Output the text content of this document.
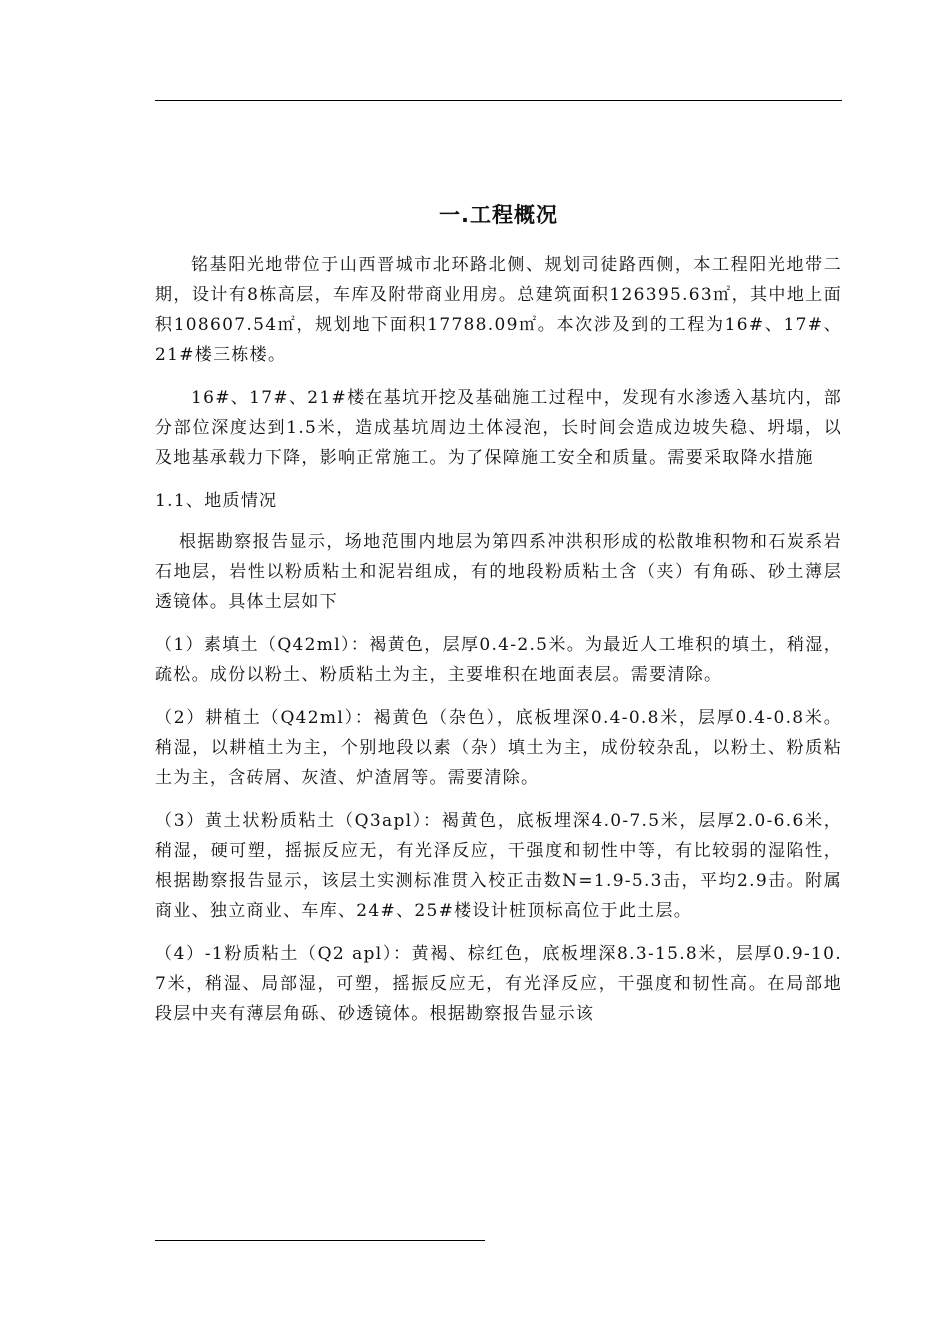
一.工程概况

铭基阳光地带位于山西晋城市北环路北侧、规划司徒路西侧，本工程阳光地带二期，设计有8栋高层，车库及附带商业用房。总建筑面积126395.63㎡，其中地上面积108607.54㎡，规划地下面积17788.09㎡。本次涉及到的工程为16#、17#、21#楼三栋楼。

16#、17#、21#楼在基坑开挖及基础施工过程中，发现有水渗透入基坑内，部分部位深度达到1.5米，造成基坑周边土体浸泡，长时间会造成边坡失稳、坍塌，以及地基承载力下降，影响正常施工。为了保障施工安全和质量。需要采取降水措施

1.1、地质情况

根据勘察报告显示，场地范围内地层为第四系冲洪积形成的松散堆积物和石炭系岩石地层，岩性以粉质粘土和泥岩组成，有的地段粉质粘土含（夹）有角砾、砂土薄层透镜体。具体土层如下

（1）素填土（Q42ml）：褐黄色，层厚0.4-2.5米。为最近人工堆积的填土，稍湿，疏松。成份以粉土、粉质粘土为主，主要堆积在地面表层。需要清除。

（2）耕植土（Q42ml）：褐黄色（杂色），底板埋深0.4-0.8米，层厚0.4-0.8米。稍湿，以耕植土为主，个别地段以素（杂）填土为主，成份较杂乱，以粉土、粉质粘土为主，含砖屑、灰渣、炉渣屑等。需要清除。

（3）黄土状粉质粘土（Q3apl）：褐黄色，底板埋深4.0-7.5米，层厚2.0-6.6米，稍湿，硬可塑，摇振反应无，有光泽反应，干强度和韧性中等，有比较弱的湿陷性，根据勘察报告显示，该层土实测标准贯入校正击数N=1.9-5.3击，平均2.9击。附属商业、独立商业、车库、24#、25#楼设计桩顶标高位于此土层。

（4）-1粉质粘土（Q2 apl）：黄褐、棕红色，底板埋深8.3-15.8米，层厚0.9-10.7米，稍湿、局部湿，可塑，摇振反应无，有光泽反应，干强度和韧性高。在局部地段层中夹有薄层角砾、砂透镜体。根据勘察报告显示该
